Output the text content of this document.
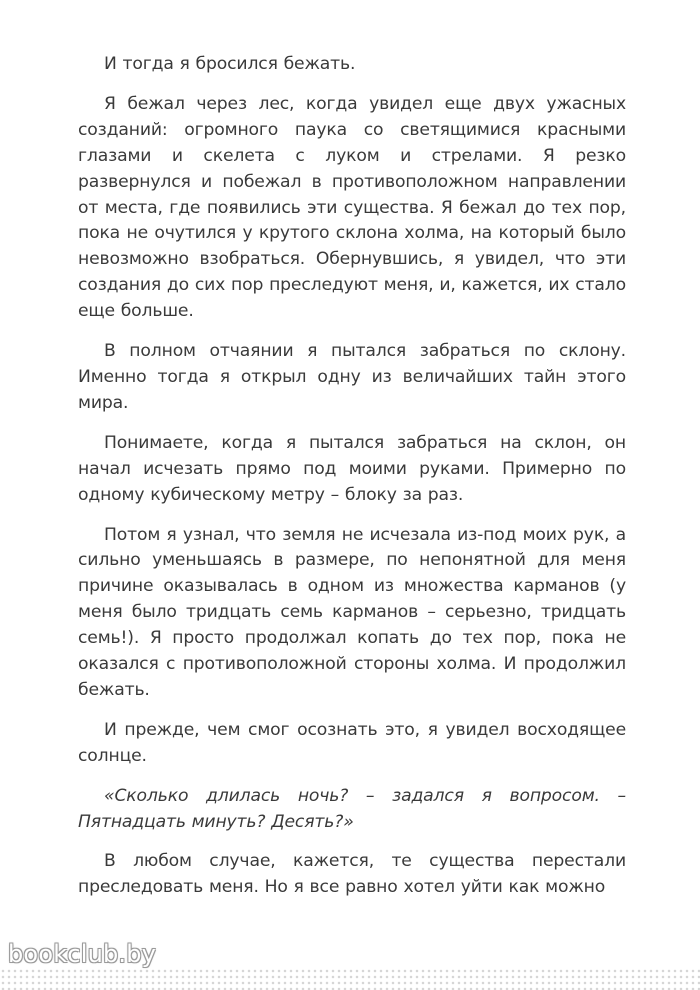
И тогда я бросился бежать.

Я бежал через лес, когда увидел еще двух ужасных созданий: огромного паука со светящимися красными глазами и скелета с луком и стрелами. Я резко развернулся и побежал в противоположном направлении от места, где появились эти существа. Я бежал до тех пор, пока не очутился у крутого склона холма, на который было невозможно взобраться. Обернувшись, я увидел, что эти создания до сих пор преследуют меня, и, кажется, их стало еще больше.

В полном отчаянии я пытался забраться по склону. Именно тогда я открыл одну из величайших тайн этого мира.

Понимаете, когда я пытался забраться на склон, он начал исчезать прямо под моими руками. Примерно по одному кубическому метру – блоку за раз.

Потом я узнал, что земля не исчезала из-под моих рук, а сильно уменьшаясь в размере, по непонятной для меня причине оказывалась в одном из множества карманов (у меня было тридцать семь карманов – серьезно, тридцать семь!). Я просто продолжал копать до тех пор, пока не оказался с противоположной стороны холма. И продолжил бежать.

И прежде, чем смог осознать это, я увидел восходящее солнце.

«Сколько длилась ночь? – задался я вопросом. – Пятнадцать минуть? Десять?»

В любом случае, кажется, те существа перестали преследовать меня. Но я все равно хотел уйти как можно

bookclub.by
